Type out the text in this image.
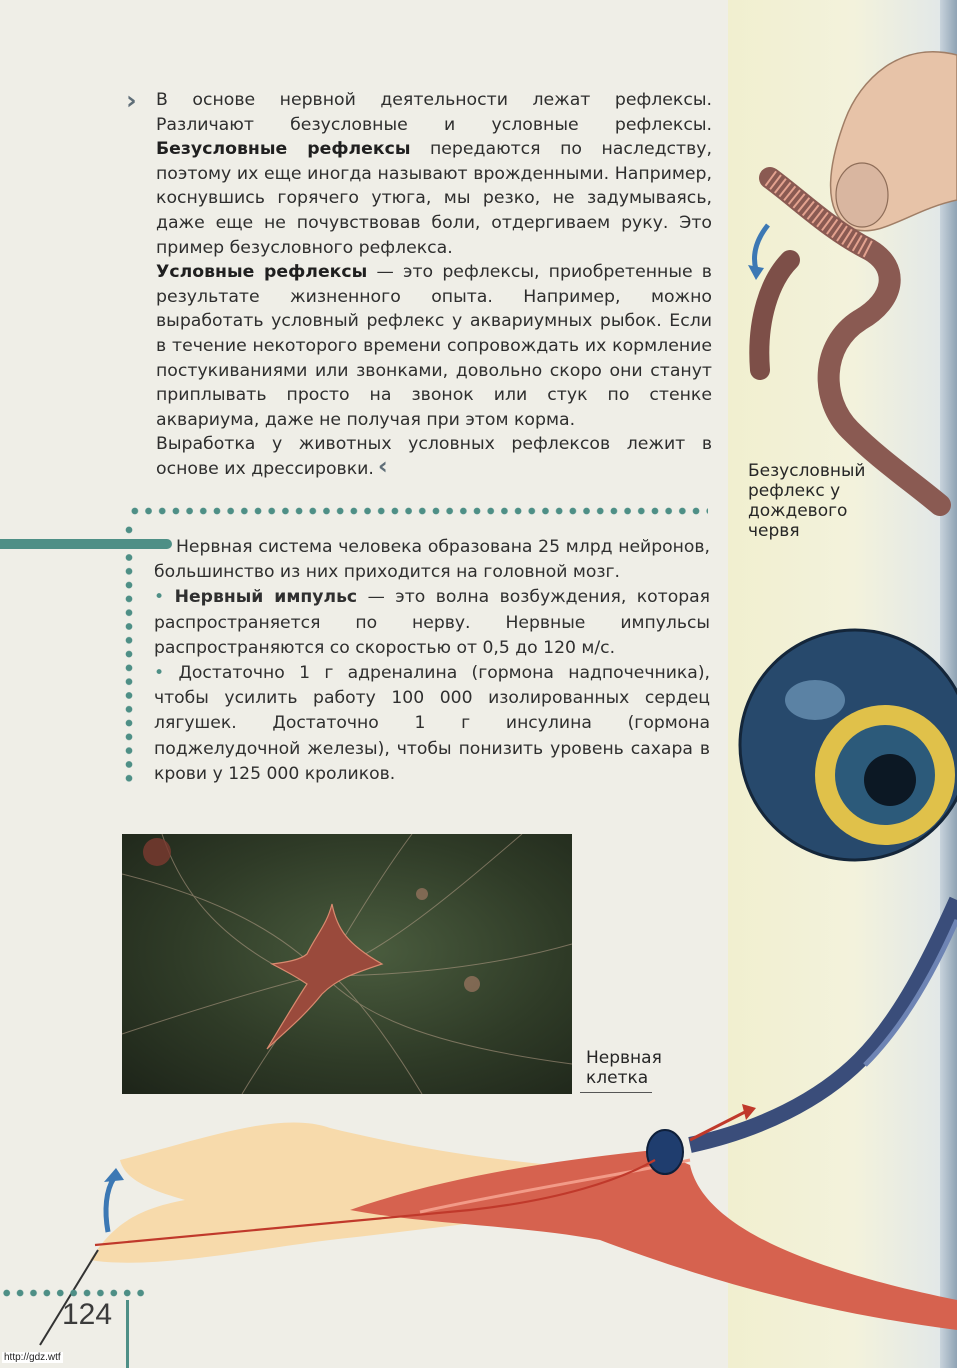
› В основе нервной деятельности лежат рефлексы. Различают безусловные и условные рефлексы. Безусловные рефлексы передаются по наследству, поэтому их еще иногда называют врожденными. Например, коснувшись горячего утюга, мы резко, не задумываясь, даже еще не почувствовав боли, отдергиваем руку. Это пример безусловного рефлекса.

Условные рефлексы — это рефлексы, приобретенные в результате жизненного опыта. Например, можно выработать условный рефлекс у аквариумных рыбок. Если в течение некоторого времени сопровождать их кормление постукиваниями или звонками, довольно скоро они станут приплывать просто на звонок или стук по стенке аквариума, даже не получая при этом корма.

Выработка у животных условных рефлексов лежит в основе их дрессировки. ‹

Нервная система человека образована 25 млрд нейронов, большинство из них приходится на головной мозг.

• Нервный импульс — это волна возбуждения, которая распространяется по нерву. Нервные импульсы распространяются со скоростью от 0,5 до 120 м/с.

• Достаточно 1 г адреналина (гормона надпочечника), чтобы усилить работу 100 000 изолированных сердец лягушек. Достаточно 1 г инсулина (гормона поджелудочной железы), чтобы понизить уровень сахара в крови у 125 000 кроликов.

Нервная клетка
Безусловный рефлекс у дождевого червя
124
http://gdz.wtf
